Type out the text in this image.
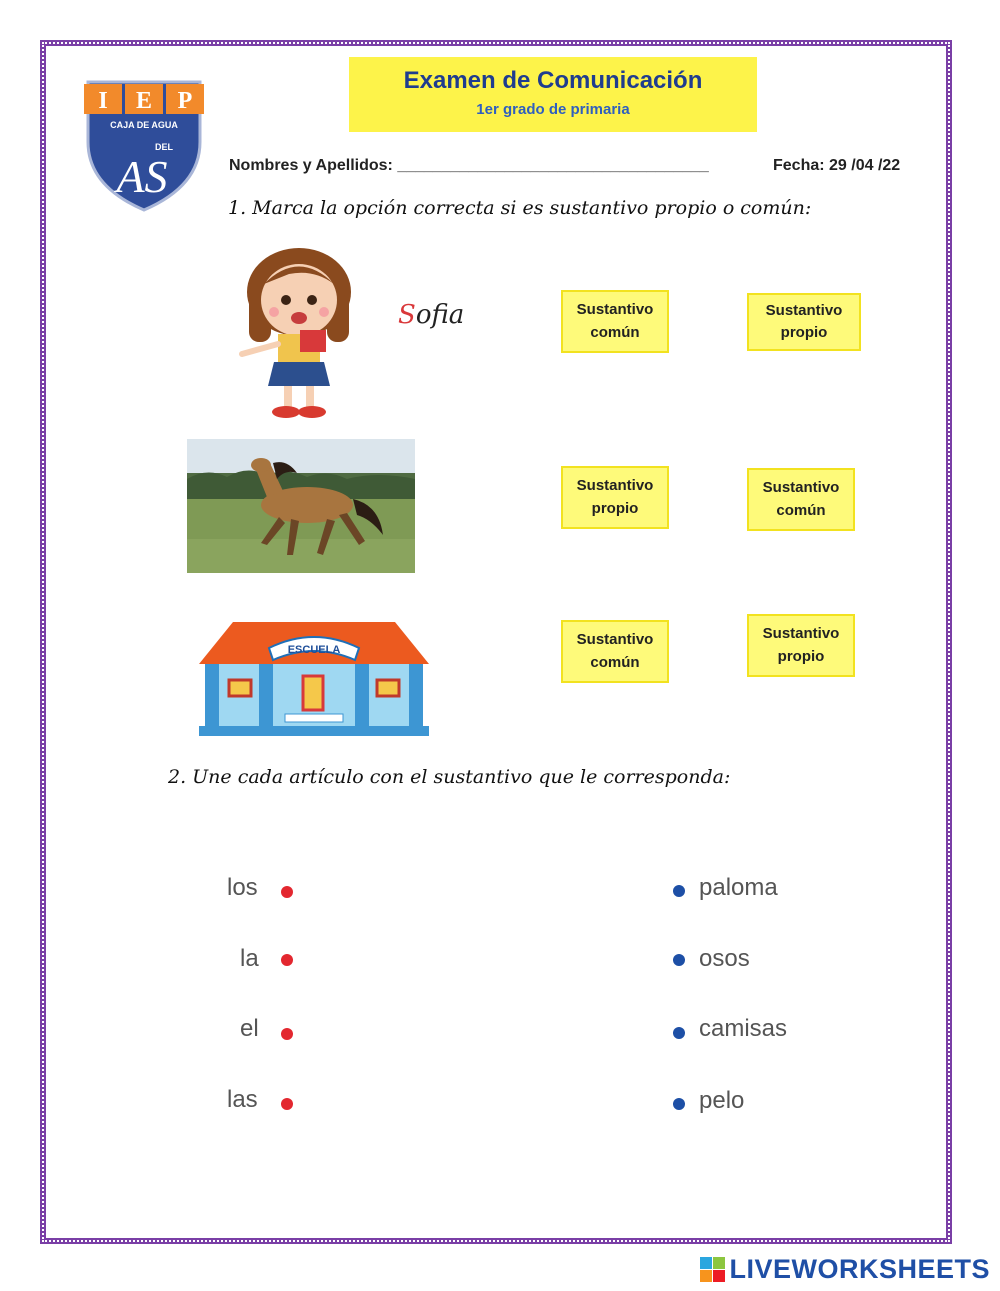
I E P
CAJA DE AGUA
DEL
AS
Examen de Comunicación
1er grado de primaria
Nombres y Apellidos: ___________________________________	Fecha: 29 /04 /22
1. Marca la opción correcta si es sustantivo propio o común:
Sofia	Sustantivo
común
Sustantivo
propio
Sustantivo
propio
Sustantivo
común
ESCUELA
Sustantivo
común
Sustantivo
propio
2. Une cada artículo con el sustantivo que le corresponda:
los
la
el
las
paloma
osos
camisas
pelo
LIVEWORKSHEETS
